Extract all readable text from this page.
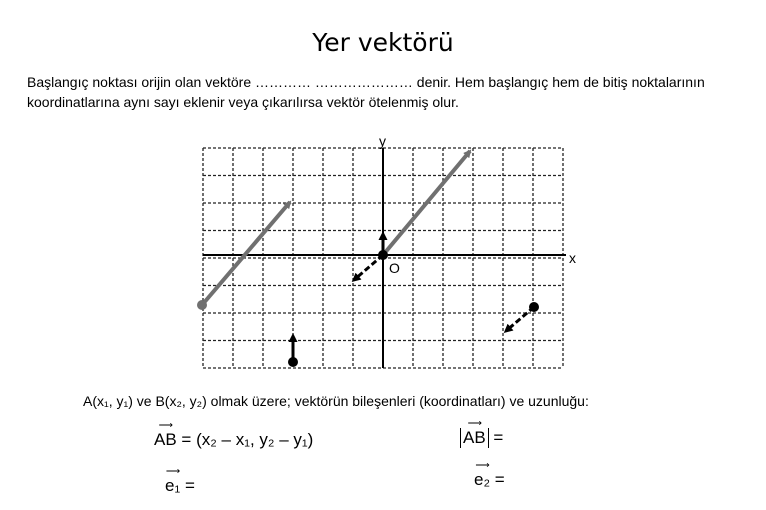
Yer vektörü
Başlangıç noktası orijin olan vektöre ………… ………………… denir. Hem başlangıç hem de bitiş noktalarının koordinatlarına aynı sayı eklenir veya çıkarılırsa vektör ötelenmiş olur.
y
x
O
A(x₁, y₁) ve B(x₂, y₂) olmak üzere; vektörün bileşenleri (koordinatları) ve uzunluğu:
⟶
AB = (x₂ – x₁, y₂ – y₁)
⟶
AB =
⟶
e₁ =
⟶
e₂ =
